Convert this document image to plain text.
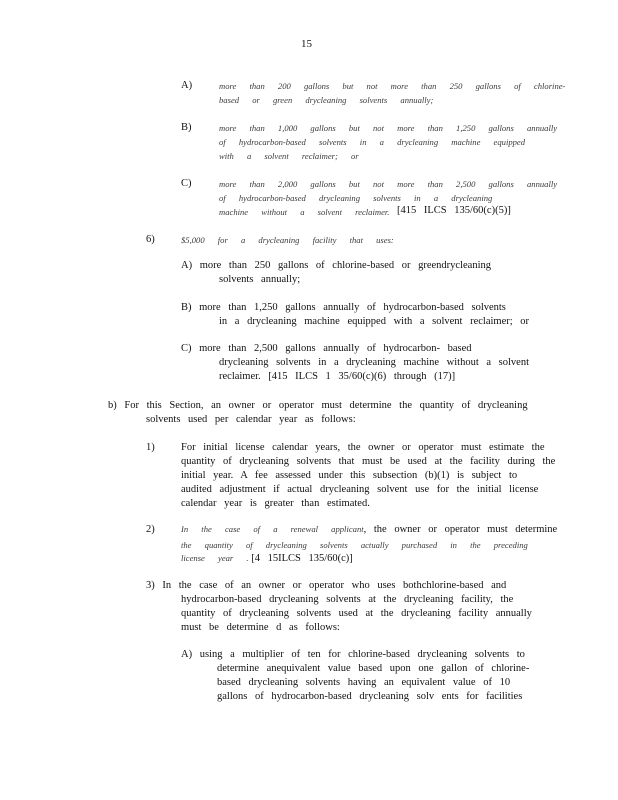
15
A)	more than 200 gallons but not more than 250 gallons of chlorine-
based or green drycleaning solvents annually;
B)	more than 1,000 gallons but not more than 1,250 gallons annually
of hydrocarbon-based solvents in a drycleaning machine equipped
with a solvent reclaimer; or
C)	more than 2,000 gallons but not more than 2,500 gallons annually
of hydrocarbon-based drycleaning solvents in a drycleaning
machine without a solvent reclaimer. [415 ILCS 135/60(c)(5)]
6)	$5,000 for a drycleaning facility that uses:
A) more than 250 gallons of chlorine-based or greendrycleaning
solvents annually;
B) more than 1,250 gallons annually of hydrocarbon-based solvents
in a drycleaning machine equipped with a solvent reclaimer; or
C) more than 2,500 gallons annually of hydrocarbon- based
drycleaning solvents in a drycleaning machine without a solvent
reclaimer. [415 ILCS 1 35/60(c)(6) through (17)]
b) For this Section, an owner or operator must determine the quantity of drycleaning
solvents used per calendar year as follows:
1)	For initial license calendar years, the owner or operator must estimate the
quantity of drycleaning solvents that must be used at the facility during the
initial year. A fee assessed under this subsection (b)(1) is subject to
audited adjustment if actual drycleaning solvent use for the initial license
calendar year is greater than estimated.
2)	In the case of a renewal applicant, the owner or operator must determine
the quantity of drycleaning solvents actually purchased in the preceding
license year . [4 15ILCS 135/60(c)]
3) In the case of an owner or operator who uses bothchlorine-based and
hydrocarbon-based drycleaning solvents at the drycleaning facility, the
quantity of drycleaning solvents used at the drycleaning facility annually
must be determine d as follows:
A) using a multiplier of ten for chlorine-based drycleaning solvents to
determine anequivalent value based upon one gallon of chlorine-
based drycleaning solvents having an equivalent value of 10
gallons of hydrocarbon-based drycleaning solv ents for facilities
